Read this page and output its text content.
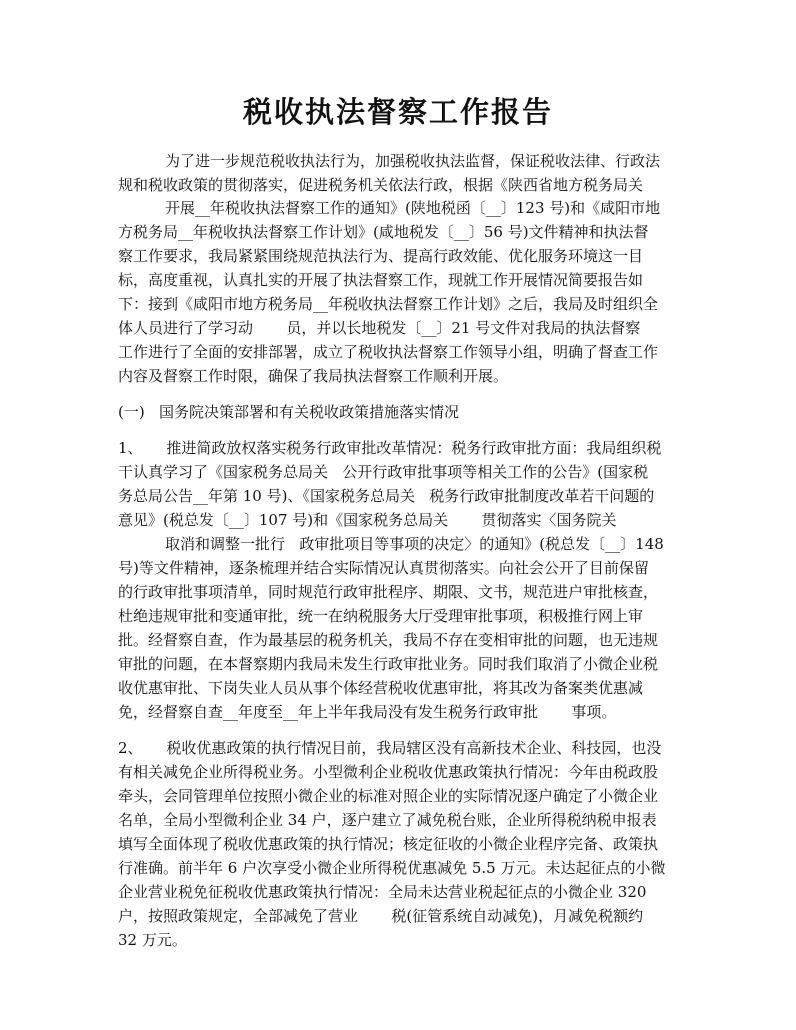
税收执法督察工作报告

为了进一步规范税收执法行为，加强税收执法监督，保证税收法律、行政法

规和税收政策的贯彻落实，促进税务机关依法行政，根据《陕西省地方税务局关

开展__年税收执法督察工作的通知》(陕地税函〔__〕123 号)和《咸阳市地

方税务局__年税收执法督察工作计划》(咸地税发〔__〕56 号)文件精神和执法督

察工作要求，我局紧紧围绕规范执法行为、提高行政效能、优化服务环境这一目

标，高度重视，认真扎实的开展了执法督察工作，现就工作开展情况简要报告如

下：接到《咸阳市地方税务局__年税收执法督察工作计划》之后，我局及时组织全

体人员进行了学习动       员，并以长地税发〔__〕21 号文件对我局的执法督察

工作进行了全面的安排部署，成立了税收执法督察工作领导小组，明确了督查工作

内容及督察工作时限，确保了我局执法督察工作顺利开展。

(一)   国务院决策部署和有关税收政策措施落实情况

1、     推进简政放权落实税务行政审批改革情况：税务行政审批方面：我局组织税

干认真学习了《国家税务总局关   公开行政审批事项等相关工作的公告》(国家税

务总局公告__年第 10 号)、《国家税务总局关   税务行政审批制度改革若干问题的

意见》(税总发〔__〕107 号)和《国家税务总局关       贯彻落实〈国务院关

取消和调整一批行   政审批项目等事项的决定〉的通知》(税总发〔__〕148

号)等文件精神，逐条梳理并结合实际情况认真贯彻落实。向社会公开了目前保留

的行政审批事项清单，同时规范行政审批程序、期限、文书，规范进户审批核查，

杜绝违规审批和变通审批，统一在纳税服务大厅受理审批事项，积极推行网上审

批。经督察自查，作为最基层的税务机关，我局不存在变相审批的问题，也无违规

审批的问题，在本督察期内我局未发生行政审批业务。同时我们取消了小微企业税

收优惠审批、下岗失业人员从事个体经营税收优惠审批，将其改为备案类优惠减

免，经督察自查__年度至__年上半年我局没有发生税务行政审批       事项。

2、     税收优惠政策的执行情况目前，我局辖区没有高新技术企业、科技园，也没

有相关减免企业所得税业务。小型微利企业税收优惠政策执行情况：今年由税政股

牵头，会同管理单位按照小微企业的标准对照企业的实际情况逐户确定了小微企业

名单，全局小型微利企业 34 户，逐户建立了减免税台账，企业所得税纳税申报表

填写全面体现了税收优惠政策的执行情况；核定征收的小微企业程序完备、政策执

行准确。前半年 6 户次享受小微企业所得税优惠减免 5.5 万元。未达起征点的小微

企业营业税免征税收优惠政策执行情况：全局未达营业税起征点的小微企业 320

户，按照政策规定，全部减免了营业       税(征管系统自动减免)，月减免税额约

32 万元。
